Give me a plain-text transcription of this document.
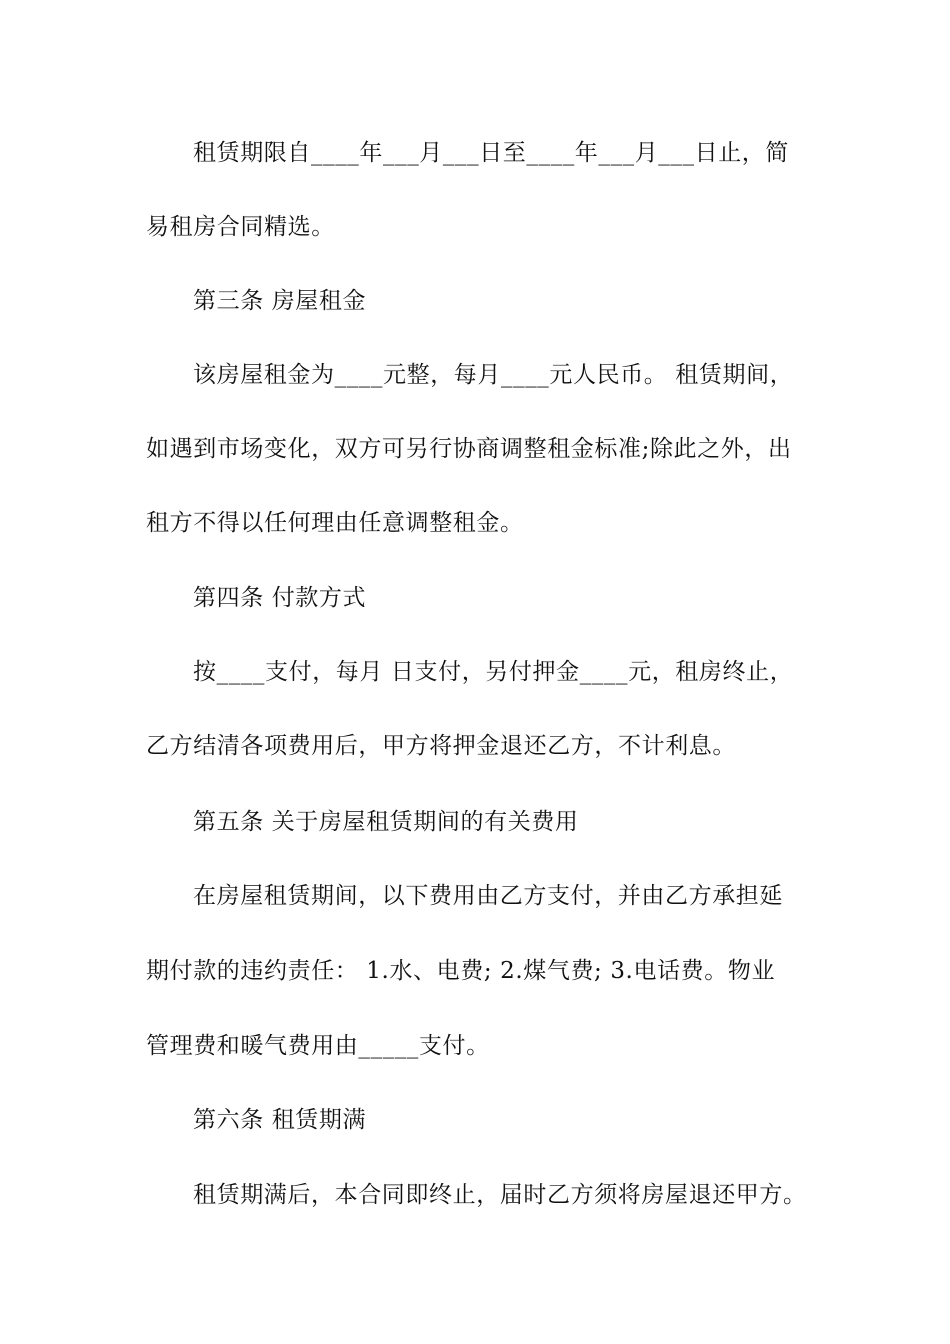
租赁期限自____年___月___日至____年___月___日止，简
易租房合同精选。
第三条 房屋租金
该房屋租金为____元整，每月____元人民币。 租赁期间，
如遇到市场变化，双方可另行协商调整租金标准;除此之外，出
租方不得以任何理由任意调整租金。
第四条 付款方式
按____支付，每月 日支付，另付押金____元，租房终止，
乙方结清各项费用后，甲方将押金退还乙方，不计利息。
第五条 关于房屋租赁期间的有关费用
在房屋租赁期间，以下费用由乙方支付，并由乙方承担延
期付款的违约责任： 1.水、电费; 2.煤气费; 3.电话费。物业
管理费和暖气费用由_____支付。
第六条 租赁期满
租赁期满后，本合同即终止，届时乙方须将房屋退还甲方。
